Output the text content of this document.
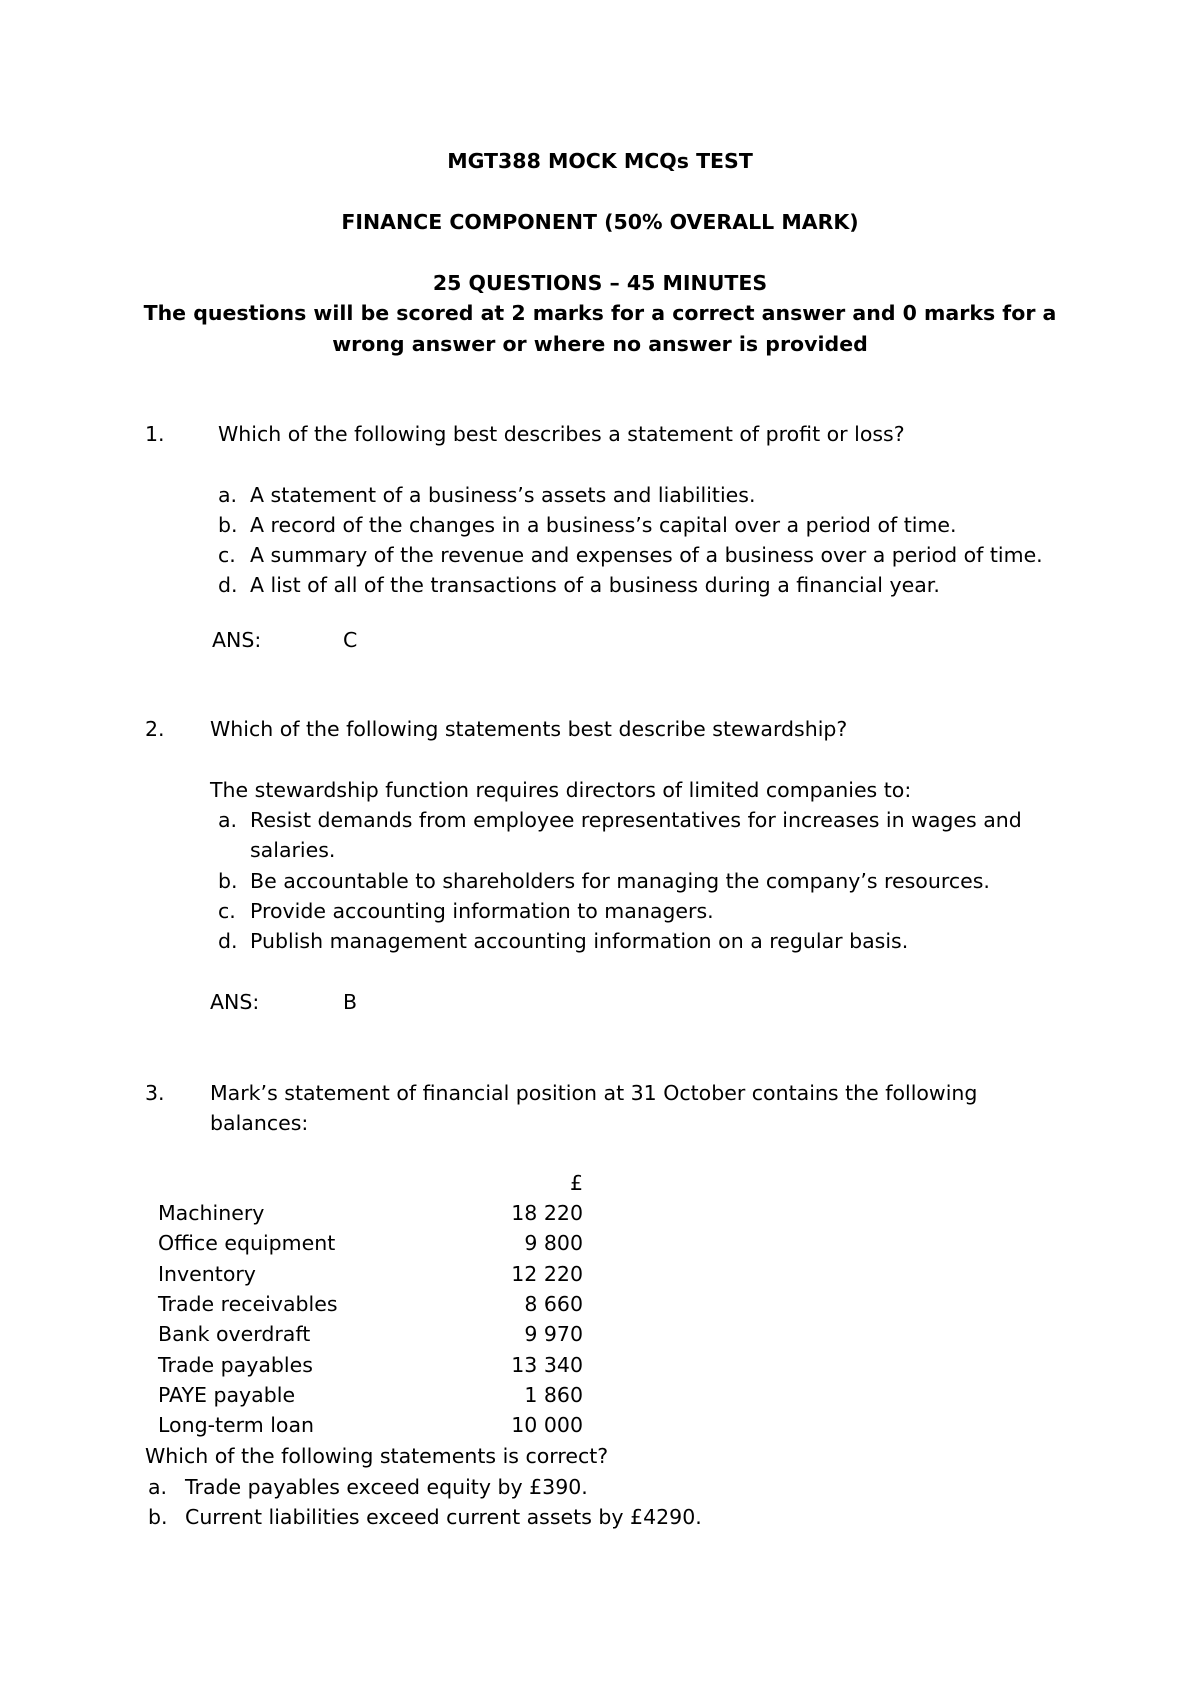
MGT388 MOCK MCQs TEST
FINANCE COMPONENT (50% OVERALL MARK)
25 QUESTIONS – 45 MINUTES
The questions will be scored at 2 marks for a correct answer and 0 marks for a
wrong answer or where no answer is provided
1.	Which of the following best describes a statement of profit or loss?
a. A statement of a business’s assets and liabilities.
b. A record of the changes in a business’s capital over a period of time.
c. A summary of the revenue and expenses of a business over a period of time.
d. A list of all of the transactions of a business during a financial year.
ANS:	C
2. Which of the following statements best describe stewardship?
The stewardship function requires directors of limited companies to:
a. Resist demands from employee representatives for increases in wages and
salaries.
b. Be accountable to shareholders for managing the company’s resources.
c. Provide accounting information to managers.
d. Publish management accounting information on a regular basis.
ANS:	B
3. Mark’s statement of financial position at 31 October contains the following
balances:
£
Machinery	18 220
Office equipment	9 800
Inventory	12 220
Trade receivables	8 660
Bank overdraft	9 970
Trade payables	13 340
PAYE payable	1 860
Long-term loan	10 000
Which of the following statements is correct?
a. Trade payables exceed equity by £390.
b. Current liabilities exceed current assets by £4290.
